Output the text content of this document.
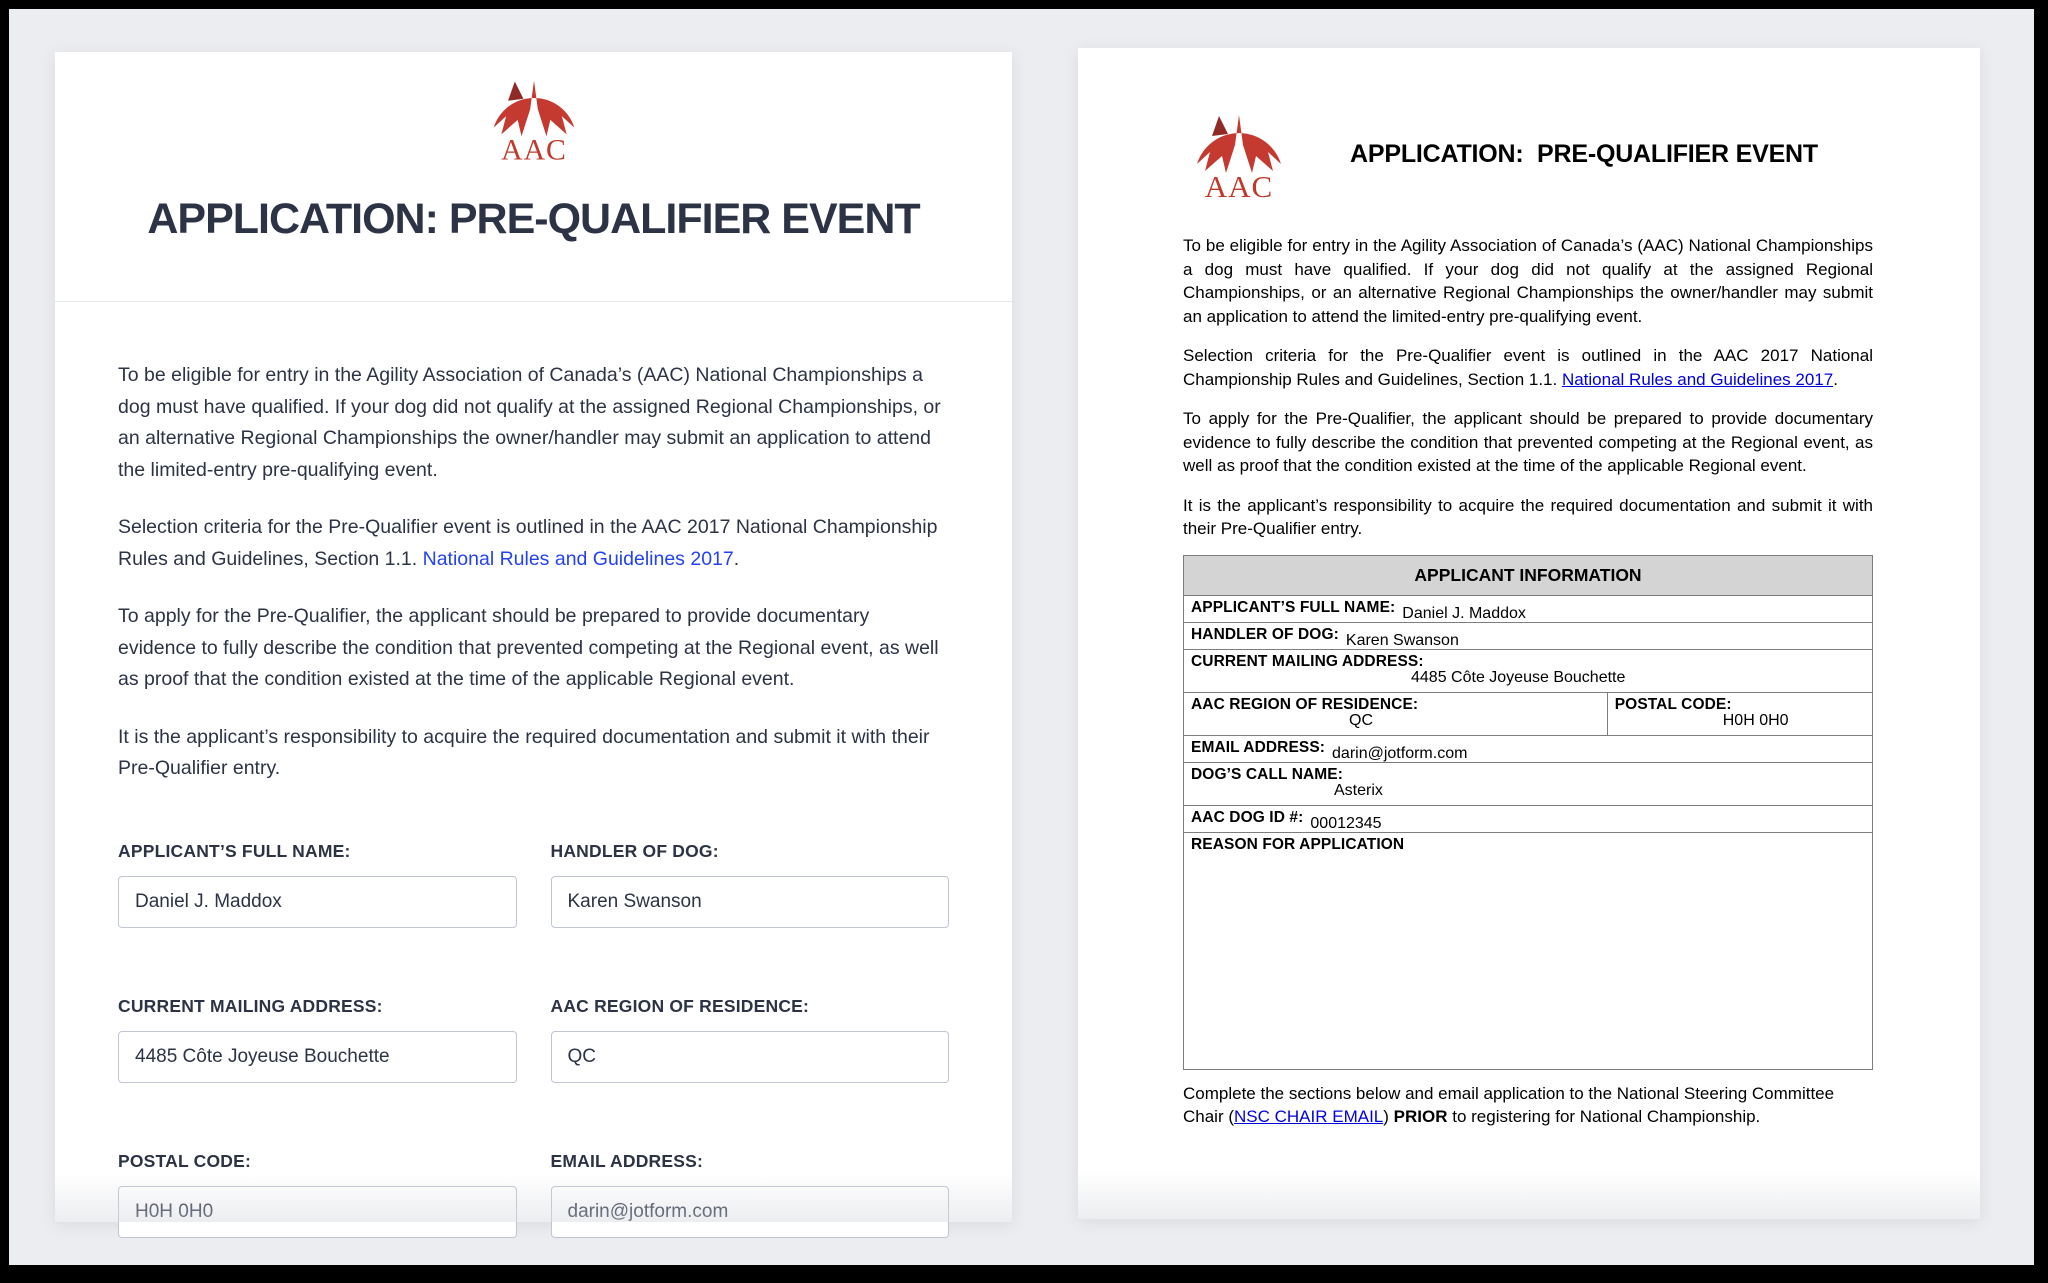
AAC
APPLICATION: PRE-QUALIFIER EVENT

To be eligible for entry in the Agility Association of Canada’s (AAC) National Championships a dog must have qualified. If your dog did not qualify at the assigned Regional Championships, or an alternative Regional Championships the owner/handler may submit an application to attend the limited-entry pre-qualifying event.

Selection criteria for the Pre-Qualifier event is outlined in the AAC 2017 National Championship Rules and Guidelines, Section 1.1. National Rules and Guidelines 2017.

To apply for the Pre-Qualifier, the applicant should be prepared to provide documentary evidence to fully describe the condition that prevented competing at the Regional event, as well as proof that the condition existed at the time of the applicable Regional event.

It is the applicant’s responsibility to acquire the required documentation and submit it with their Pre-Qualifier entry.

APPLICANT’S FULL NAME:
Daniel J. Maddox	HANDLER OF DOG:
Karen Swanson
CURRENT MAILING ADDRESS:
4485 Côte Joyeuse Bouchette	AAC REGION OF RESIDENCE:
QC
POSTAL CODE:
H0H 0H0	EMAIL ADDRESS:
darin@jotform.com
AAC
APPLICATION:  PRE-QUALIFIER EVENT

To be eligible for entry in the Agility Association of Canada’s (AAC) National Championships a dog must have qualified. If your dog did not qualify at the assigned Regional Championships, or an alternative Regional Championships the owner/handler may submit an application to attend the limited-entry pre-qualifying event.

Selection criteria for the Pre-Qualifier event is outlined in the AAC 2017 National Championship Rules and Guidelines, Section 1.1. National Rules and Guidelines 2017.

To apply for the Pre-Qualifier, the applicant should be prepared to provide documentary evidence to fully describe the condition that prevented competing at the Regional event, as well as proof that the condition existed at the time of the applicable Regional event.

It is the applicant’s responsibility to acquire the required documentation and submit it with their Pre-Qualifier entry.

APPLICANT INFORMATION
APPLICANT’S FULL NAME: Daniel J. Maddox
HANDLER OF DOG: Karen Swanson
CURRENT MAILING ADDRESS:
4485 Côte Joyeuse Bouchette

AAC REGION OF RESIDENCE:
QC
	POSTAL CODE:
H0H 0H0

EMAIL ADDRESS: darin@jotform.com
DOG’S CALL NAME:
Asterix

AAC DOG ID #: 00012345
REASON FOR APPLICATION

Complete the sections below and email application to the National Steering Committee Chair (NSC CHAIR EMAIL) PRIOR to registering for National Championship.
